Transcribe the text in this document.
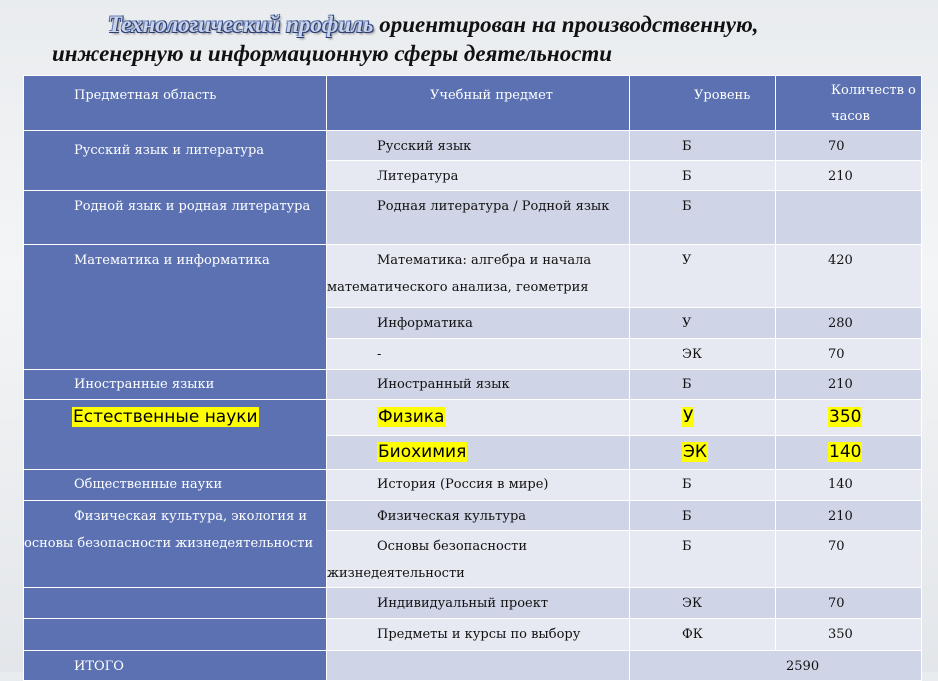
Технологический профиль ориентирован на производственную,
инженерную и информационную сферы деятельности
Предметная область	Учебный предмет	Уровень	Количеств о часов

Русский язык и литература	Русский язык	Б	70

	Литература	Б	210

Родной язык и родная литература	Родная литература / Родной язык	Б	

Математика и информатика	Математика: алгебра и начала математического анализа, геометрия	У	420

	Информатика	У	280

	-	ЭК	70

Иностранные языки	Иностранный язык	Б	210

Естественные науки	Физика	У	350

	Биохимия	ЭК	140

Общественные науки	История (Россия в мире)	Б	140

Физическая культура, экология и основы безопасности жизнедеятельности	Физическая культура	Б	210

	Основы безопасности жизнедеятельности	Б	70

	Индивидуальный проект	ЭК	70

	Предметы и курсы по выбору	ФК	350

ИТОГО		2590	
